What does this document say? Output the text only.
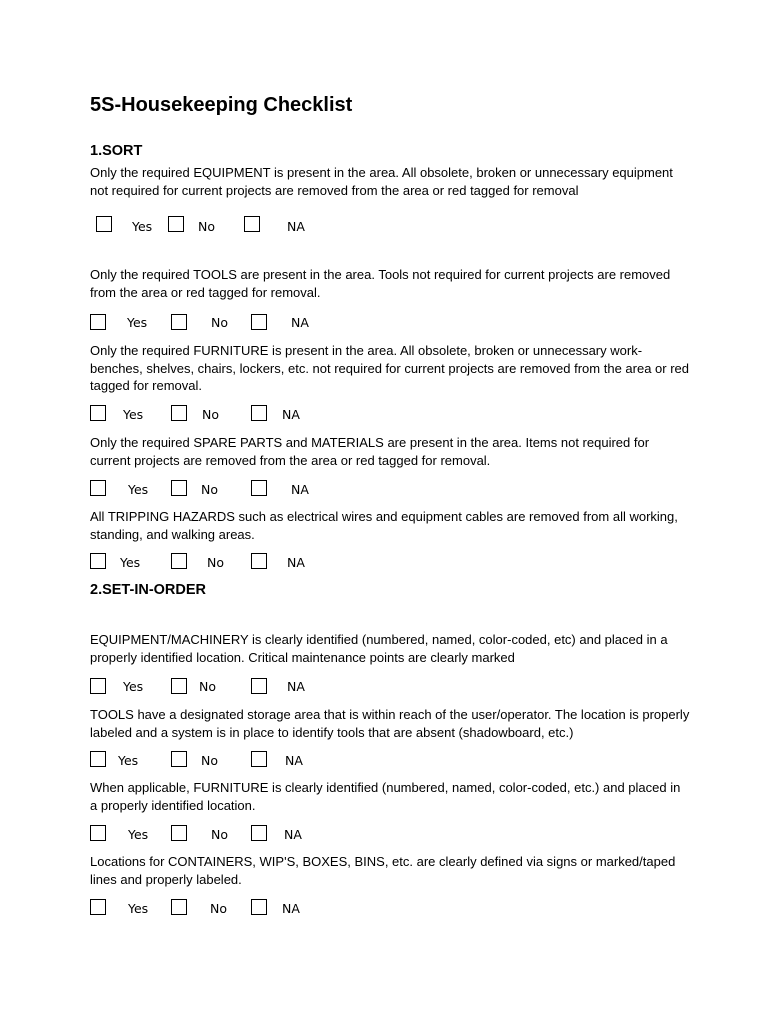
5S-Housekeeping Checklist
1.SORT
Only the required EQUIPMENT is present in the area. All obsolete, broken or unnecessary equipment not required for current projects are removed from the area or red tagged for removal
Yes	No	NA
Only the required TOOLS are present in the area. Tools not required for current projects are removed from the area or red tagged for removal.
Yes	No	NA
Only the required FURNITURE is present in the area. All obsolete, broken or unnecessary work-benches, shelves, chairs, lockers, etc. not required for current projects are removed from the area or red tagged for removal.
Yes	No	NA
Only the required SPARE PARTS and MATERIALS are present in the area. Items not required for current projects are removed from the area or red tagged for removal.
Yes	No	NA
All TRIPPING HAZARDS such as electrical wires and equipment cables are removed from all working, standing, and walking areas.
Yes	No	NA
2.SET-IN-ORDER
EQUIPMENT/MACHINERY is clearly identified (numbered, named, color-coded, etc) and placed in a properly identified location. Critical maintenance points are clearly marked
Yes	No	NA
TOOLS have a designated storage area that is within reach of the user/operator. The location is properly labeled and a system is in place to identify tools that are absent (shadowboard, etc.)
Yes	No	NA
When applicable, FURNITURE is clearly identified (numbered, named, color-coded, etc.) and placed in a properly identified location.
Yes	No	NA
Locations for CONTAINERS, WIP'S, BOXES, BINS, etc. are clearly defined via signs or marked/taped lines and properly labeled.
Yes	No	NA
